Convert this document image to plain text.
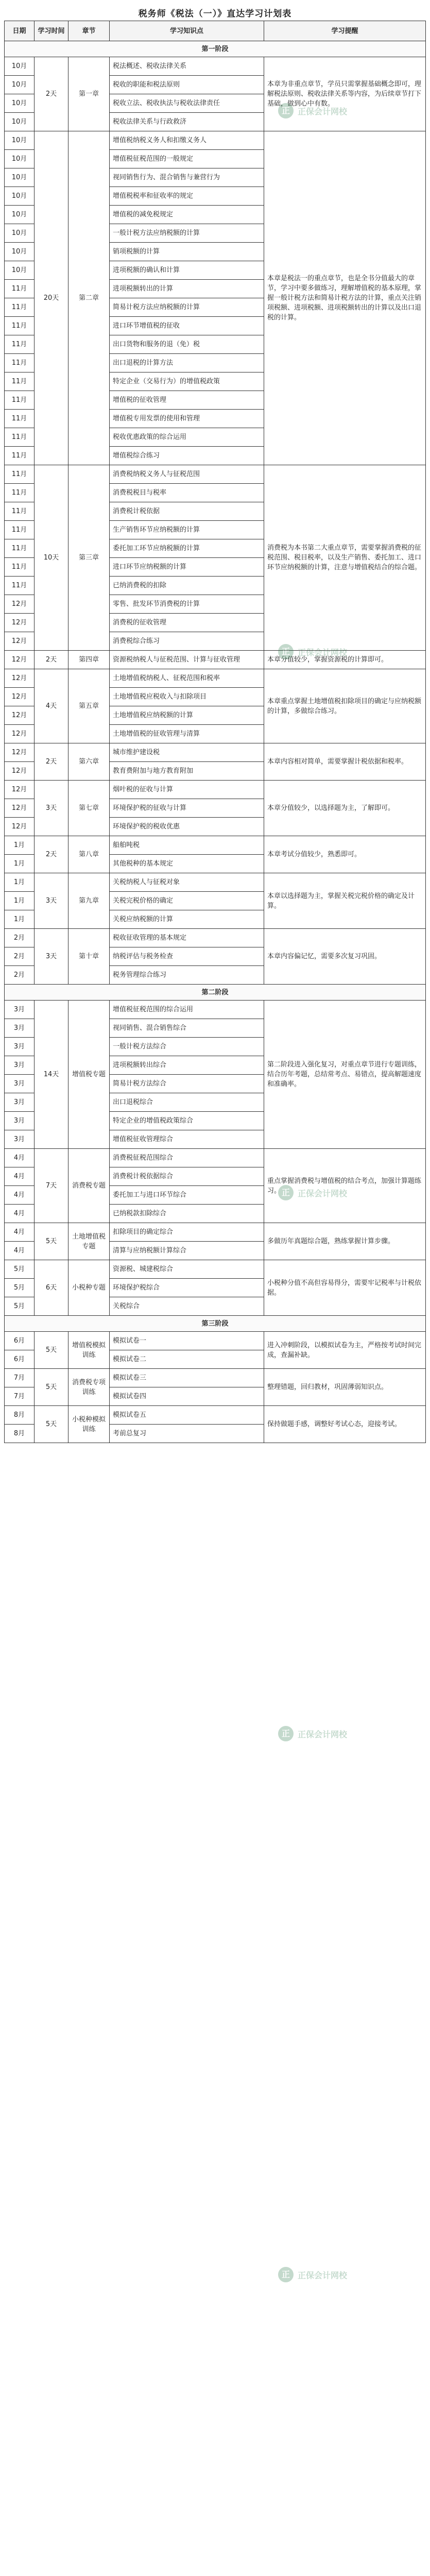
税务师《税法（一）》直达学习计划表
日期	学习时间	章节	学习知识点	学习提醒
第一阶段				
10月	2天	第一章	税法概述、税收法律关系	本章为非重点章节，学员只需掌握基础概念即可，理解税法原则、税收法律关系等内容，为后续章节打下基础，做到心中有数。
10月			税收的职能和税法原则	
10月			税收立法、税收执法与税收法律责任	
10月			税收法律关系与行政救济	
10月	20天	第二章	增值税纳税义务人和扣缴义务人	本章是税法一的重点章节，也是全书分值最大的章节，学习中要多做练习，理解增值税的基本原理，掌握一般计税方法和简易计税方法的计算，重点关注销项税额、进项税额、进项税额转出的计算以及出口退税的计算。
10月			增值税征税范围的一般规定	
10月			视同销售行为、混合销售与兼营行为	
10月			增值税税率和征收率的规定	
10月			增值税的减免税规定	
10月			一般计税方法应纳税额的计算	
10月			销项税额的计算	
10月			进项税额的确认和计算	
11月			进项税额转出的计算	
11月			简易计税方法应纳税额的计算	
11月			进口环节增值税的征收	
11月			出口货物和服务的退（免）税	
11月			出口退税的计算方法	
11月			特定企业（交易行为）的增值税政策	
11月			增值税的征收管理	
11月			增值税专用发票的使用和管理	
11月			税收优惠政策的综合运用	
11月			增值税综合练习	
11月	10天	第三章	消费税纳税义务人与征税范围	消费税为本书第二大重点章节，需要掌握消费税的征税范围、税目税率，以及生产销售、委托加工、进口环节应纳税额的计算，注意与增值税结合的综合题。
11月			消费税税目与税率	
11月			消费税计税依据	
11月			生产销售环节应纳税额的计算	
11月			委托加工环节应纳税额的计算	
11月			进口环节应纳税额的计算	
11月			已纳消费税的扣除	
12月			零售、批发环节消费税的计算	
12月			消费税的征收管理	
12月			消费税综合练习	
12月	2天	第四章	资源税纳税人与征税范围、计算与征收管理	本章分值较少，掌握资源税的计算即可。
12月	4天	第五章	土地增值税纳税人、征税范围和税率	本章重点掌握土地增值税扣除项目的确定与应纳税额的计算，多做综合练习。
12月			土地增值税应税收入与扣除项目	
12月			土地增值税应纳税额的计算	
12月			土地增值税的征收管理与清算	
12月	2天	第六章	城市维护建设税	本章内容相对简单，需要掌握计税依据和税率。
12月			教育费附加与地方教育附加	
12月	3天	第七章	烟叶税的征收与计算	本章分值较少，以选择题为主，了解即可。
12月			环境保护税的征收与计算	
12月			环境保护税的税收优惠	
1月	2天	第八章	船舶吨税	本章考试分值较少，熟悉即可。
1月			其他税种的基本规定	
1月	3天	第九章	关税纳税人与征税对象	本章以选择题为主，掌握关税完税价格的确定及计算。
1月			关税完税价格的确定	
1月			关税应纳税额的计算	
2月	3天	第十章	税收征收管理的基本规定	本章内容偏记忆，需要多次复习巩固。
2月			纳税评估与税务检查	
2月			税务管理综合练习	
第二阶段				
3月	14天	增值税专题	增值税征税范围的综合运用	第二阶段进入强化复习，对重点章节进行专题训练，结合历年考题，总结常考点、易错点，提高解题速度和准确率。
3月			视同销售、混合销售综合	
3月			一般计税方法综合	
3月			进项税额转出综合	
3月			简易计税方法综合	
3月			出口退税综合	
3月			特定企业的增值税政策综合	
3月			增值税征收管理综合	
4月	7天	消费税专题	消费税征税范围综合	重点掌握消费税与增值税的结合考点，加强计算题练习。
4月			消费税计税依据综合	
4月			委托加工与进口环节综合	
4月			已纳税款扣除综合	
4月	5天	土地增值税专题	扣除项目的确定综合	多做历年真题综合题，熟练掌握计算步骤。
4月			清算与应纳税额计算综合	
5月	6天	小税种专题	资源税、城建税综合	小税种分值不高但容易得分，需要牢记税率与计税依据。
5月			环境保护税综合	
5月			关税综合	
第三阶段				
6月	5天	增值税模拟训练	模拟试卷一	进入冲刺阶段，以模拟试卷为主，严格按考试时间完成，查漏补缺。
6月			模拟试卷二	
7月	5天	消费税专项训练	模拟试卷三	整理错题，回归教材，巩固薄弱知识点。
7月			模拟试卷四	
8月	5天	小税种模拟训练	模拟试卷五	保持做题手感，调整好考试心态，迎接考试。
8月			考前总复习	
正 正保会计网校
正 正保会计网校
正 正保会计网校
正 正保会计网校
正 正保会计网校
